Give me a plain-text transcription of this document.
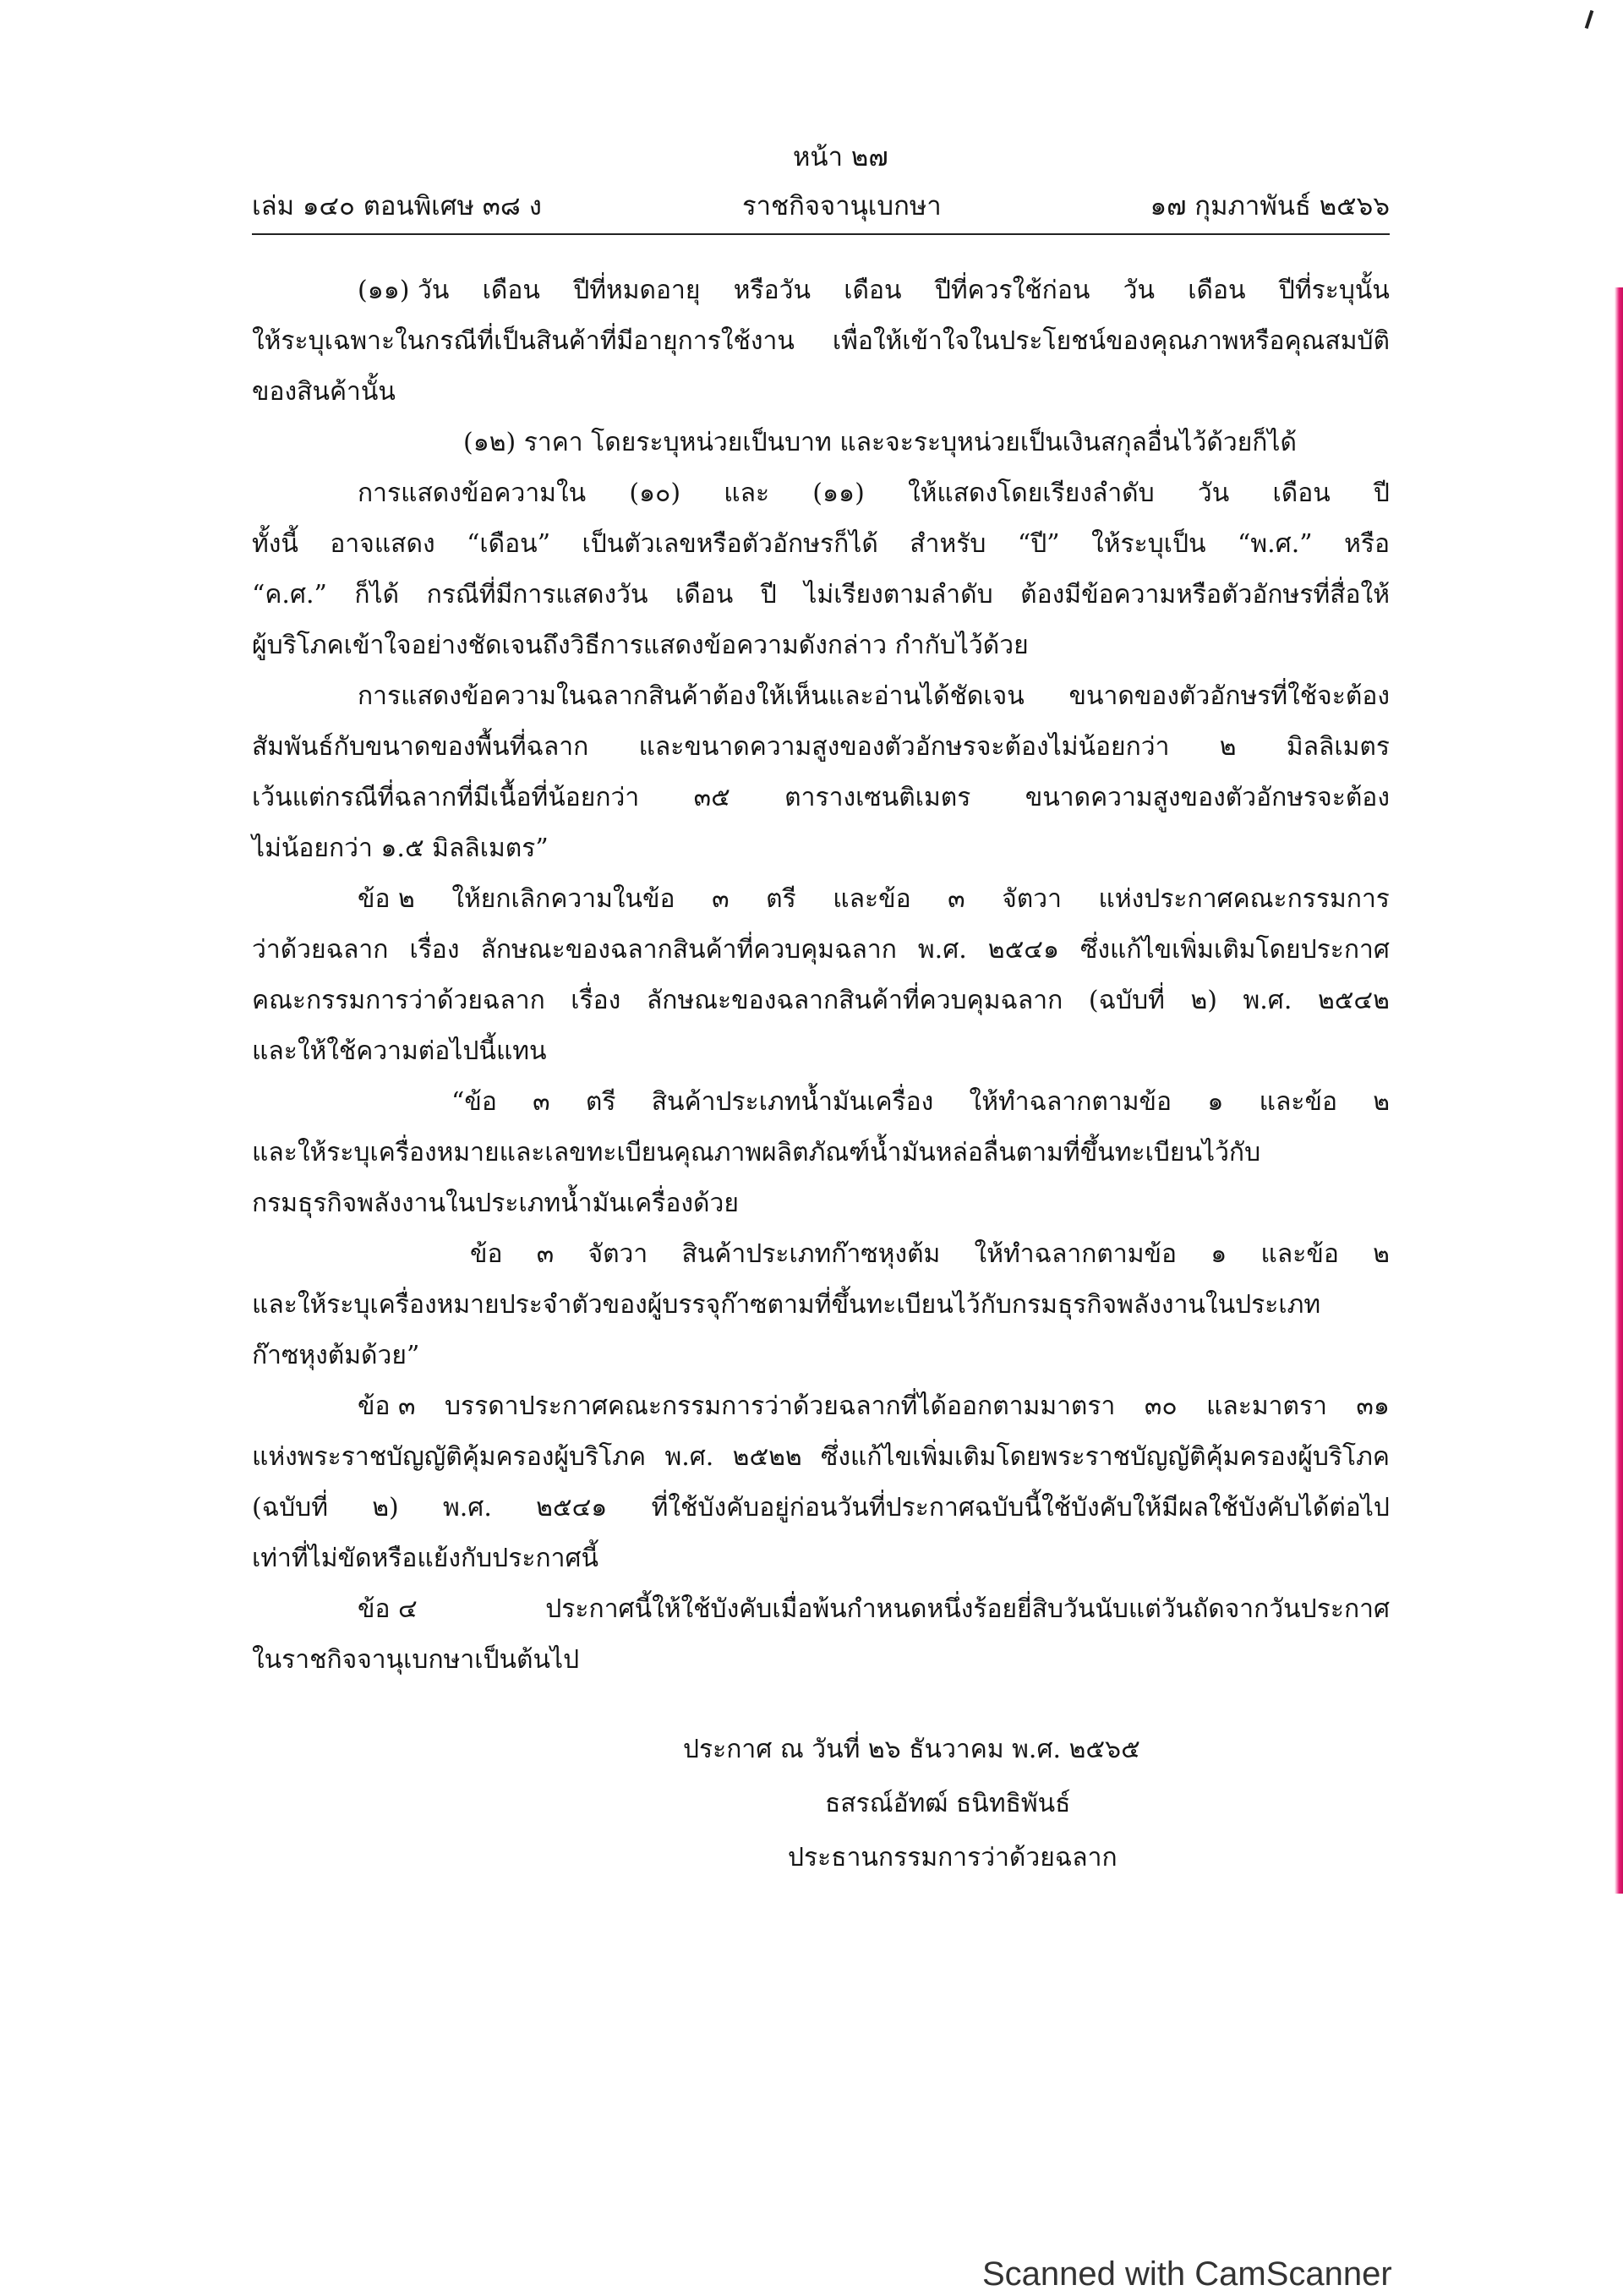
หน้า ๒๗
เล่ม ๑๔๐ ตอนพิเศษ ๓๘ ง	ราชกิจจานุเบกษา	๑๗ กุมภาพันธ์ ๒๕๖๖
(๑๑) วัน เดือน ปีที่หมดอายุ หรือวัน เดือน ปีที่ควรใช้ก่อน วัน เดือน ปีที่ระบุนั้น
ให้ระบุเฉพาะในกรณีที่เป็นสินค้าที่มีอายุการใช้งาน เพื่อให้เข้าใจในประโยชน์ของคุณภาพหรือคุณสมบัติ
ของสินค้านั้น
(๑๒) ราคา โดยระบุหน่วยเป็นบาท และจะระบุหน่วยเป็นเงินสกุลอื่นไว้ด้วยก็ได้
การแสดงข้อความใน (๑๐) และ (๑๑) ให้แสดงโดยเรียงลำดับ วัน เดือน ปี
ทั้งนี้ อาจแสดง “เดือน” เป็นตัวเลขหรือตัวอักษรก็ได้ สำหรับ “ปี” ให้ระบุเป็น “พ.ศ.” หรือ
“ค.ศ.” ก็ได้ กรณีที่มีการแสดงวัน เดือน ปี ไม่เรียงตามลำดับ ต้องมีข้อความหรือตัวอักษรที่สื่อให้
ผู้บริโภคเข้าใจอย่างชัดเจนถึงวิธีการแสดงข้อความดังกล่าว กำกับไว้ด้วย
การแสดงข้อความในฉลากสินค้าต้องให้เห็นและอ่านได้ชัดเจน ขนาดของตัวอักษรที่ใช้จะต้อง
สัมพันธ์กับขนาดของพื้นที่ฉลาก และขนาดความสูงของตัวอักษรจะต้องไม่น้อยกว่า ๒ มิลลิเมตร
เว้นแต่กรณีที่ฉลากที่มีเนื้อที่น้อยกว่า ๓๕ ตารางเซนติเมตร ขนาดความสูงของตัวอักษรจะต้อง
ไม่น้อยกว่า ๑.๕ มิลลิเมตร”
ข้อ ๒ ให้ยกเลิกความในข้อ ๓ ตรี และข้อ ๓ จัตวา แห่งประกาศคณะกรรมการ
ว่าด้วยฉลาก เรื่อง ลักษณะของฉลากสินค้าที่ควบคุมฉลาก พ.ศ. ๒๕๔๑ ซึ่งแก้ไขเพิ่มเติมโดยประกาศ
คณะกรรมการว่าด้วยฉลาก เรื่อง ลักษณะของฉลากสินค้าที่ควบคุมฉลาก (ฉบับที่ ๒) พ.ศ. ๒๕๔๒
และให้ใช้ความต่อไปนี้แทน
“ข้อ ๓ ตรี สินค้าประเภทน้ำมันเครื่อง ให้ทำฉลากตามข้อ ๑ และข้อ ๒
และให้ระบุเครื่องหมายและเลขทะเบียนคุณภาพผลิตภัณฑ์น้ำมันหล่อลื่นตามที่ขึ้นทะเบียนไว้กับ
กรมธุรกิจพลังงานในประเภทน้ำมันเครื่องด้วย
ข้อ ๓ จัตวา สินค้าประเภทก๊าซหุงต้ม ให้ทำฉลากตามข้อ ๑ และข้อ ๒
และให้ระบุเครื่องหมายประจำตัวของผู้บรรจุก๊าซตามที่ขึ้นทะเบียนไว้กับกรมธุรกิจพลังงานในประเภท
ก๊าซหุงต้มด้วย”
ข้อ ๓ บรรดาประกาศคณะกรรมการว่าด้วยฉลากที่ได้ออกตามมาตรา ๓๐ และมาตรา ๓๑
แห่งพระราชบัญญัติคุ้มครองผู้บริโภค พ.ศ. ๒๕๒๒ ซึ่งแก้ไขเพิ่มเติมโดยพระราชบัญญัติคุ้มครองผู้บริโภค
(ฉบับที่ ๒) พ.ศ. ๒๕๔๑ ที่ใช้บังคับอยู่ก่อนวันที่ประกาศฉบับนี้ใช้บังคับให้มีผลใช้บังคับได้ต่อไป
เท่าที่ไม่ขัดหรือแย้งกับประกาศนี้
ข้อ ๔	ประกาศนี้ให้ใช้บังคับเมื่อพ้นกำหนดหนึ่งร้อยยี่สิบวันนับแต่วันถัดจากวันประกาศ
ในราชกิจจานุเบกษาเป็นต้นไป
ประกาศ ณ วันที่ ๒๖ ธันวาคม พ.ศ. ๒๕๖๕
ธสรณ์อัทฒ์ ธนิทธิพันธ์
ประธานกรรมการว่าด้วยฉลาก
Scanned with CamScanner
